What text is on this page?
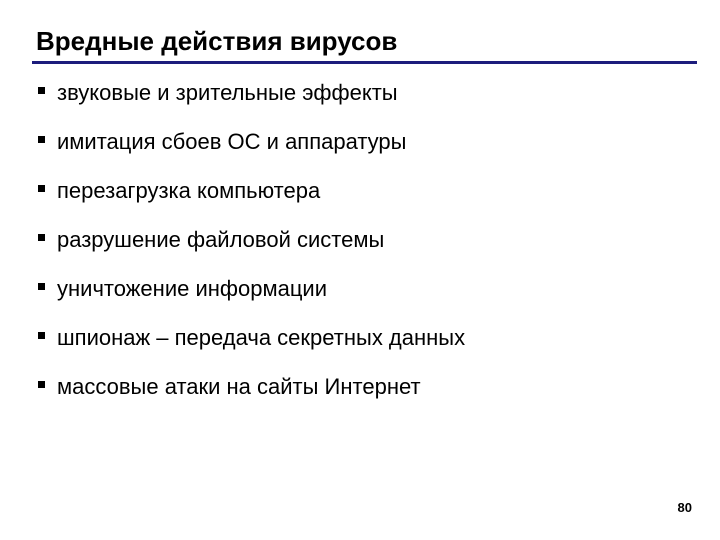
Вредные действия вирусов
звуковые и зрительные эффекты
имитация сбоев ОС и аппаратуры
перезагрузка компьютера
разрушение файловой системы
уничтожение информации
шпионаж – передача секретных данных
массовые атаки на сайты Интернет
80
